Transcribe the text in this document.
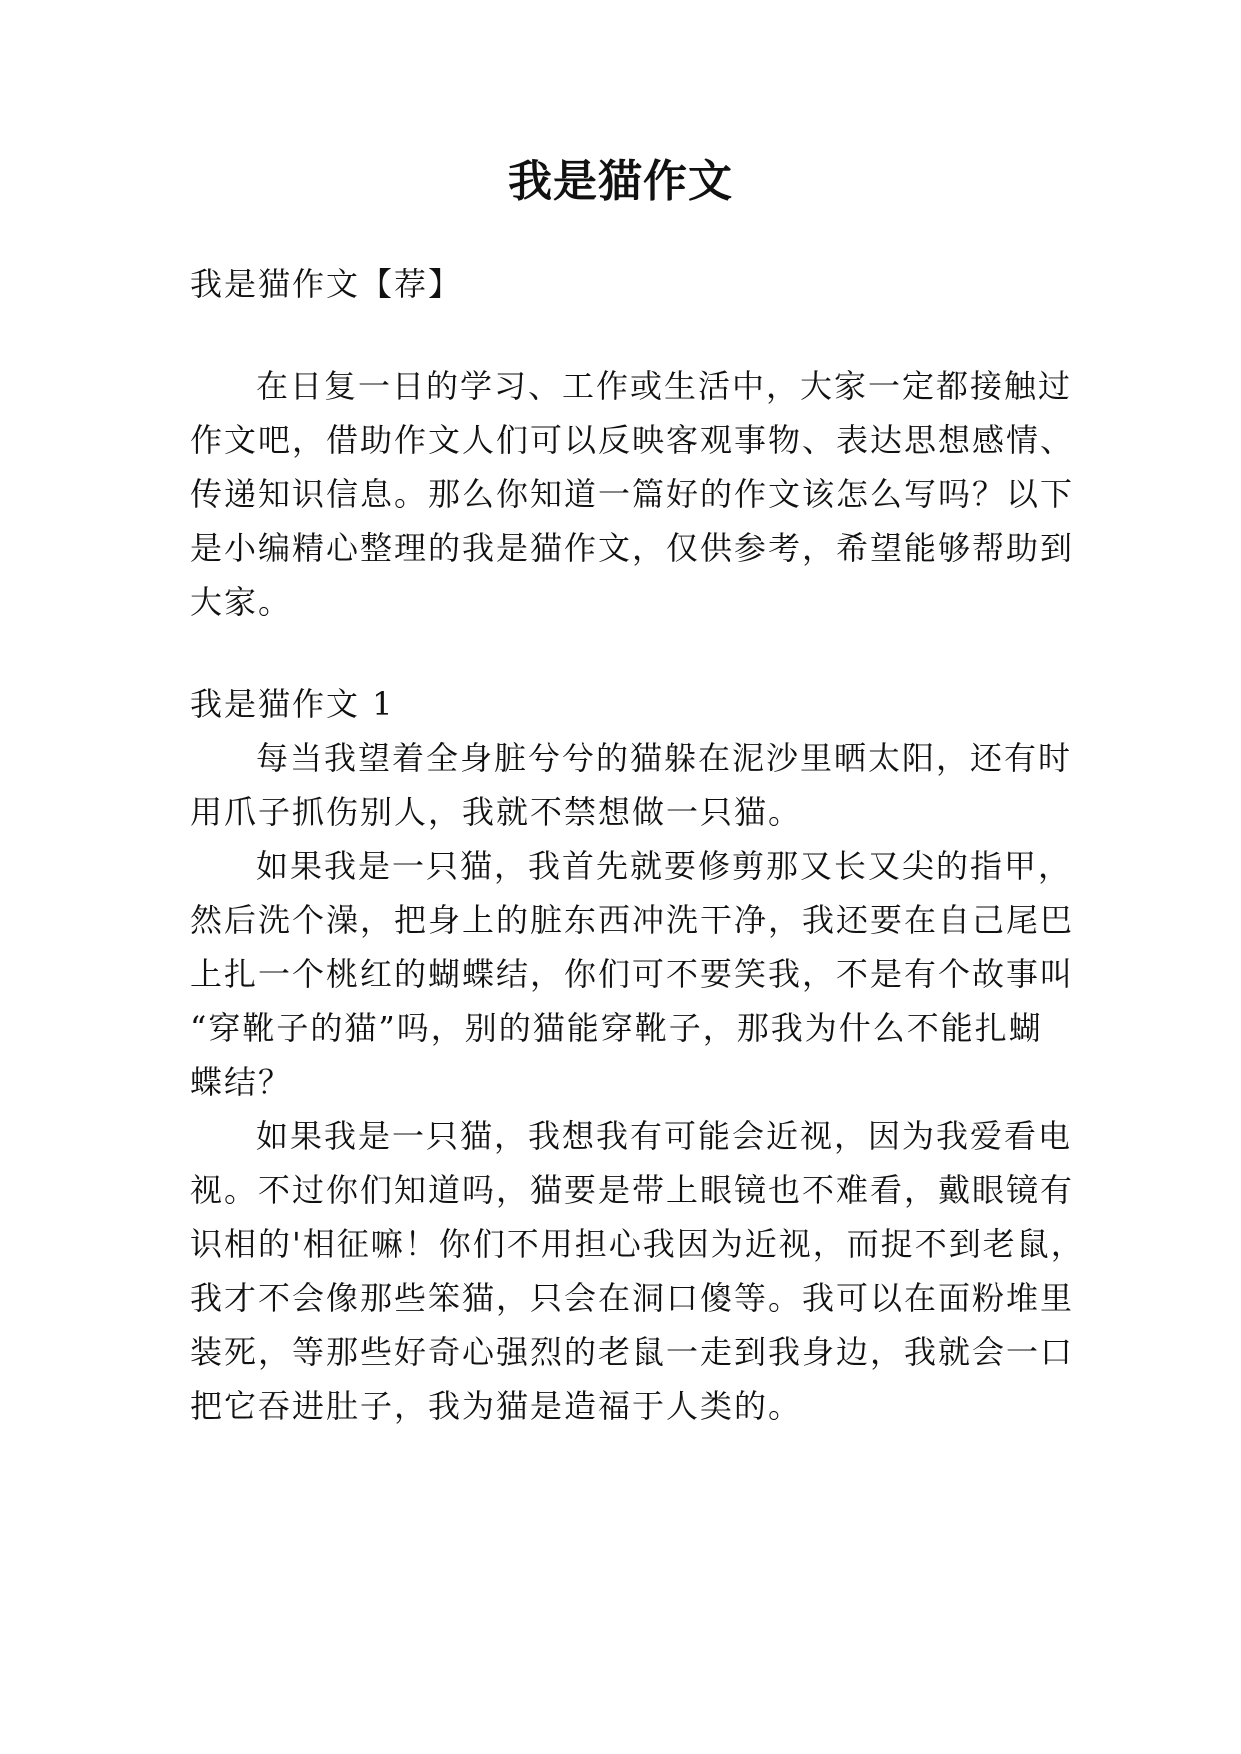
我是猫作文
我是猫作文【荐】
在日复一日的学习、工作或生活中，大家一定都接触过
作文吧，借助作文人们可以反映客观事物、表达思想感情、
传递知识信息。那么你知道一篇好的作文该怎么写吗？以下
是小编精心整理的我是猫作文，仅供参考，希望能够帮助到
大家。
我是猫作文 1
每当我望着全身脏兮兮的猫躲在泥沙里晒太阳，还有时
用爪子抓伤别人，我就不禁想做一只猫。
如果我是一只猫，我首先就要修剪那又长又尖的指甲，
然后洗个澡，把身上的脏东西冲洗干净，我还要在自己尾巴
上扎一个桃红的蝴蝶结，你们可不要笑我，不是有个故事叫
“穿靴子的猫”吗，别的猫能穿靴子，那我为什么不能扎蝴
蝶结？
如果我是一只猫，我想我有可能会近视，因为我爱看电
视。不过你们知道吗，猫要是带上眼镜也不难看，戴眼镜有
识相的'相征嘛！你们不用担心我因为近视，而捉不到老鼠，
我才不会像那些笨猫，只会在洞口傻等。我可以在面粉堆里
装死，等那些好奇心强烈的老鼠一走到我身边，我就会一口
把它吞进肚子，我为猫是造福于人类的。
